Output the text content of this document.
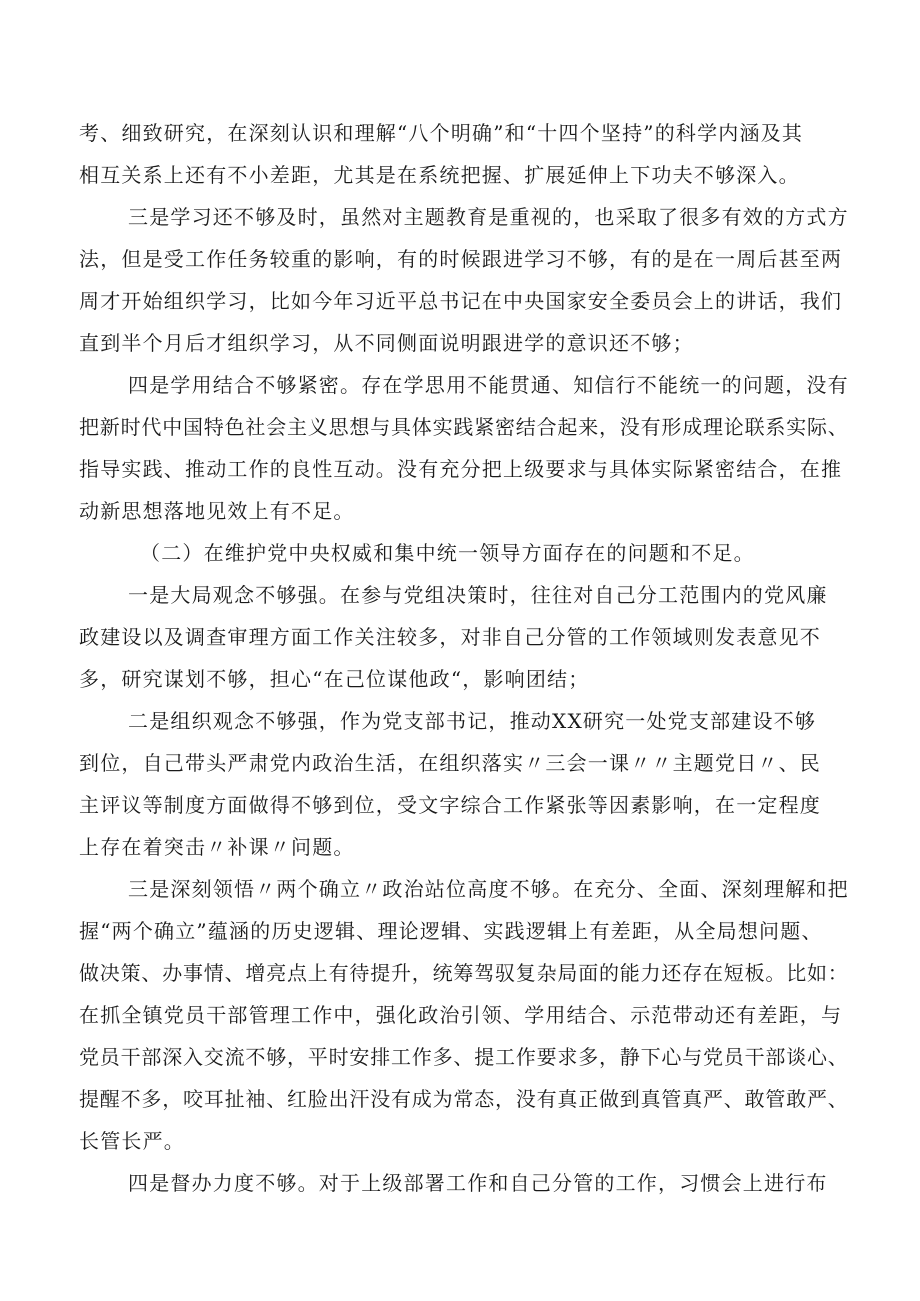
考、细致研究，在深刻认识和理解“八个明确”和“十四个坚持”的科学内涵及其
相互关系上还有不小差距，尤其是在系统把握、扩展延伸上下功夫不够深入。
三是学习还不够及时，虽然对主题教育是重视的，也采取了很多有效的方式方
法，但是受工作任务较重的影响，有的时候跟进学习不够，有的是在一周后甚至两
周才开始组织学习，比如今年习近平总书记在中央国家安全委员会上的讲话，我们
直到半个月后才组织学习，从不同侧面说明跟进学的意识还不够；
四是学用结合不够紧密。存在学思用不能贯通、知信行不能统一的问题，没有
把新时代中国特色社会主义思想与具体实践紧密结合起来，没有形成理论联系实际、
指导实践、推动工作的良性互动。没有充分把上级要求与具体实际紧密结合，在推
动新思想落地见效上有不足。
（二）在维护党中央权威和集中统一领导方面存在的问题和不足。
一是大局观念不够强。在参与党组决策时，往往对自己分工范围内的党风廉
政建设以及调查审理方面工作关注较多，对非自己分管的工作领域则发表意见不
多，研究谋划不够，担心“在己位谋他政“，影响团结；
二是组织观念不够强，作为党支部书记，推动XX研究一处党支部建设不够
到位，自己带头严肃党内政治生活，在组织落实〃三会一课〃〃主题党日〃、民
主评议等制度方面做得不够到位，受文字综合工作紧张等因素影响，在一定程度
上存在着突击〃补课〃问题。
三是深刻领悟〃两个确立〃政治站位高度不够。在充分、全面、深刻理解和把
握“两个确立”蕴涵的历史逻辑、理论逻辑、实践逻辑上有差距，从全局想问题、
做决策、办事情、增亮点上有待提升，统筹驾驭复杂局面的能力还存在短板。比如：
在抓全镇党员干部管理工作中，强化政治引领、学用结合、示范带动还有差距，与
党员干部深入交流不够，平时安排工作多、提工作要求多，静下心与党员干部谈心、
提醒不多，咬耳扯袖、红脸出汗没有成为常态，没有真正做到真管真严、敢管敢严、
长管长严。
四是督办力度不够。对于上级部署工作和自己分管的工作，习惯会上进行布
